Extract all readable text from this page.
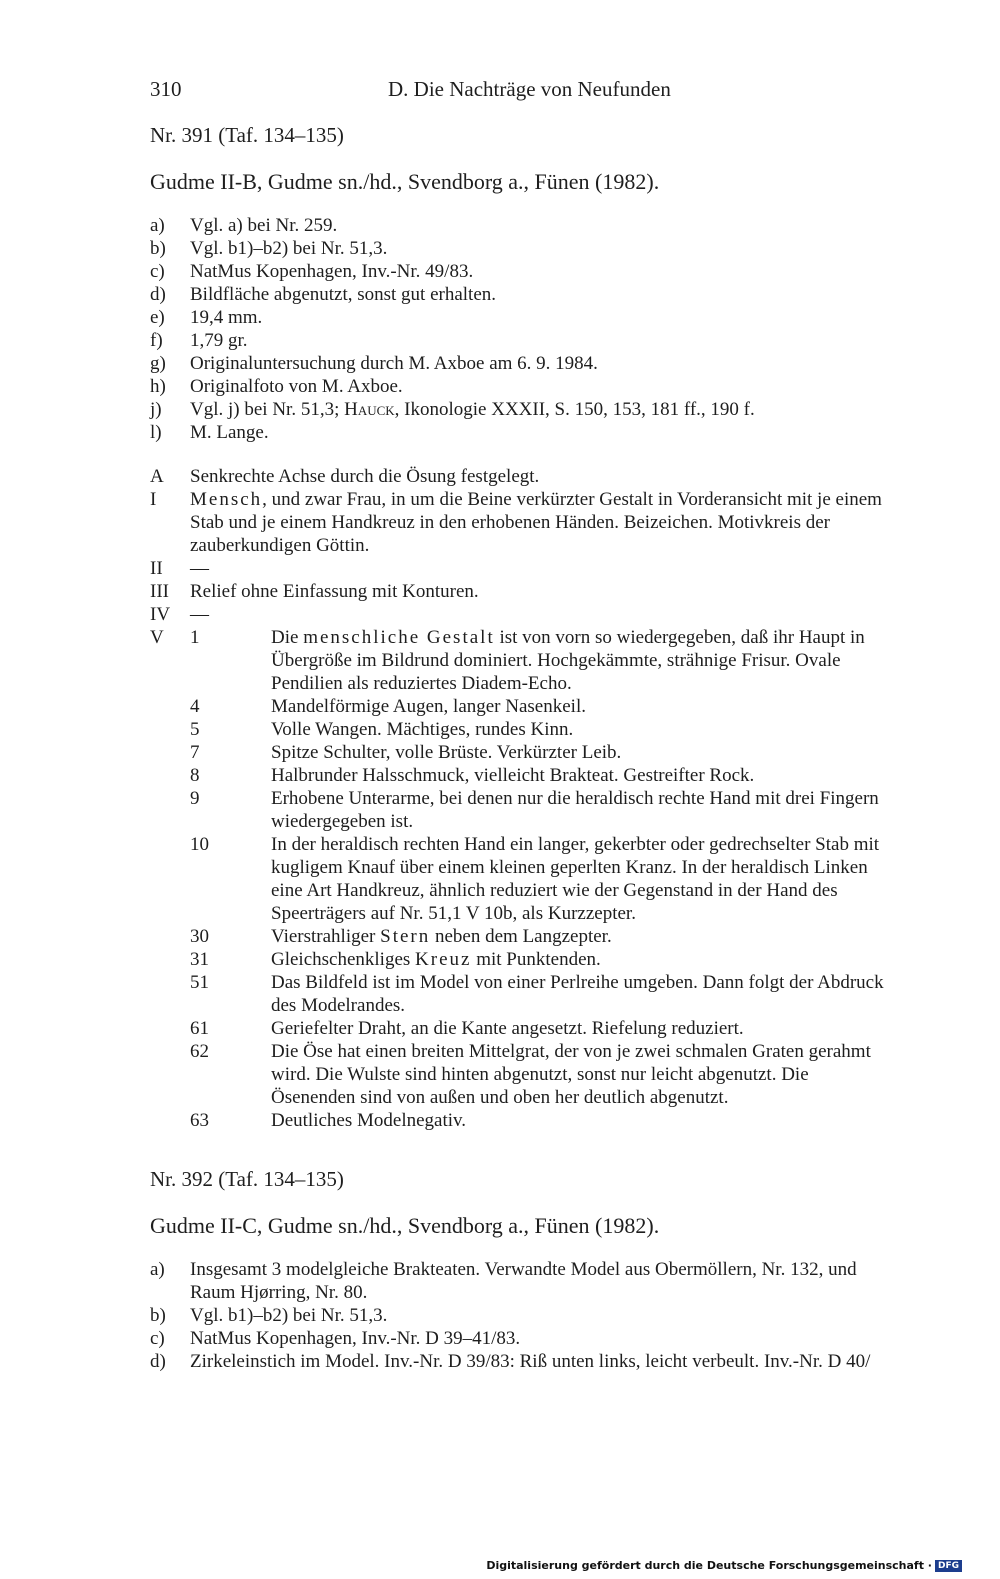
310	D. Die Nachträge von Neufunden
Nr. 391 (Taf. 134–135)
Gudme II-B, Gudme sn./hd., Svendborg a., Fünen (1982).
a)	Vgl. a) bei Nr. 259.
b)	Vgl. b1)–b2) bei Nr. 51,3.
c)	NatMus Kopenhagen, Inv.-Nr. 49/83.
d)	Bildfläche abgenutzt, sonst gut erhalten.
e)	19,4 mm.
f)	1,79 gr.
g)	Originaluntersuchung durch M. Axboe am 6. 9. 1984.
h)	Originalfoto von M. Axboe.
j)	Vgl. j) bei Nr. 51,3; Hauck, Ikonologie XXXII, S. 150, 153, 181 ff., 190 f.
l)	M. Lange.
A	Senkrechte Achse durch die Ösung festgelegt.
I	Mensch, und zwar Frau, in um die Beine verkürzter Gestalt in Vorderansicht mit je einem
Stab und je einem Handkreuz in den erhobenen Händen. Beizeichen. Motivkreis der
zauberkundigen Göttin.
II	—
III	Relief ohne Einfassung mit Konturen.
IV	—
V 1	Die menschliche Gestalt ist von vorn so wiedergegeben, daß ihr Haupt in
Übergröße im Bildrund dominiert. Hochgekämmte, strähnige Frisur. Ovale
Pendilien als reduziertes Diadem-Echo.
4	Mandelförmige Augen, langer Nasenkeil.
5	Volle Wangen. Mächtiges, rundes Kinn.
7	Spitze Schulter, volle Brüste. Verkürzter Leib.
8	Halbrunder Halsschmuck, vielleicht Brakteat. Gestreifter Rock.
9	Erhobene Unterarme, bei denen nur die heraldisch rechte Hand mit drei Fingern
wiedergegeben ist.
10	In der heraldisch rechten Hand ein langer, gekerbter oder gedrechselter Stab mit
kugligem Knauf über einem kleinen geperlten Kranz. In der heraldisch Linken
eine Art Handkreuz, ähnlich reduziert wie der Gegenstand in der Hand des
Speerträgers auf Nr. 51,1 V 10b, als Kurzzepter.
30	Vierstrahliger Stern neben dem Langzepter.
31	Gleichschenkliges Kreuz mit Punktenden.
51	Das Bildfeld ist im Model von einer Perlreihe umgeben. Dann folgt der Abdruck
des Modelrandes.
61	Geriefelter Draht, an die Kante angesetzt. Riefelung reduziert.
62	Die Öse hat einen breiten Mittelgrat, der von je zwei schmalen Graten gerahmt
wird. Die Wulste sind hinten abgenutzt, sonst nur leicht abgenutzt. Die
Ösenenden sind von außen und oben her deutlich abgenutzt.
63	Deutliches Modelnegativ.
Nr. 392 (Taf. 134–135)
Gudme II-C, Gudme sn./hd., Svendborg a., Fünen (1982).
a)	Insgesamt 3 modelgleiche Brakteaten. Verwandte Model aus Obermöllern, Nr. 132, und
Raum Hjørring, Nr. 80.
b)	Vgl. b1)–b2) bei Nr. 51,3.
c)	NatMus Kopenhagen, Inv.-Nr. D 39–41/83.
d)	Zirkeleinstich im Model. Inv.-Nr. D 39/83: Riß unten links, leicht verbeult. Inv.-Nr. D 40/
Digitalisierung gefördert durch die Deutsche Forschungsgemeinschaft · DFG
